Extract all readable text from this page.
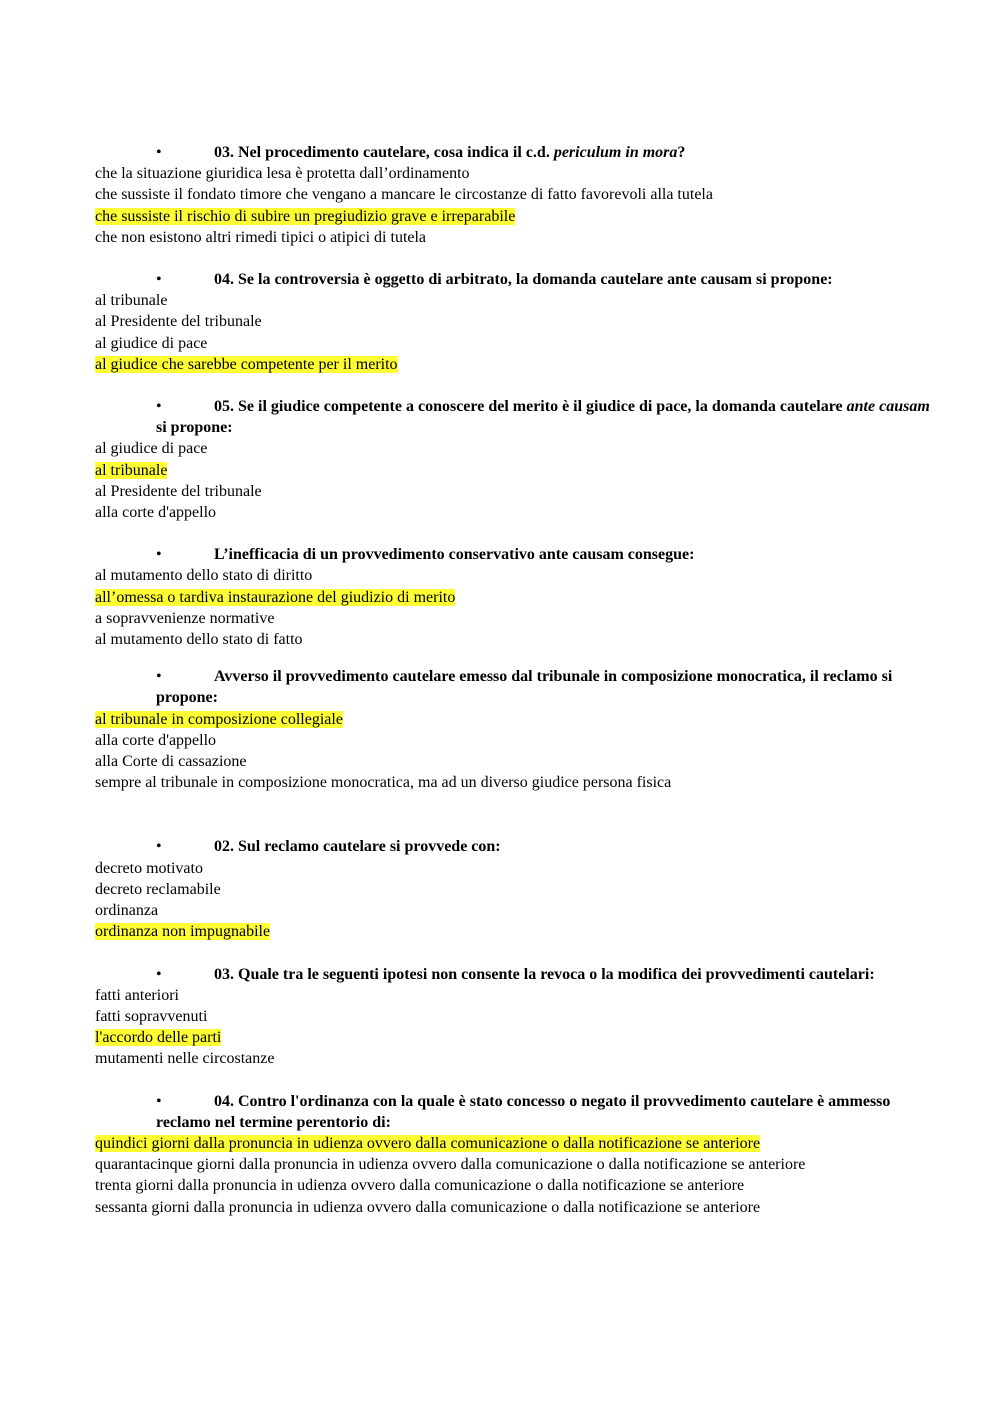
•	03. Nel procedimento cautelare, cosa indica il c.d. periculum in mora?
che la situazione giuridica lesa è protetta dall’ordinamento
che sussiste il fondato timore che vengano a mancare le circostanze di fatto favorevoli alla tutela
che sussiste il rischio di subire un pregiudizio grave e irreparabile
che non esistono altri rimedi tipici o atipici di tutela
•	04. Se la controversia è oggetto di arbitrato, la domanda cautelare ante causam si propone:
al tribunale
al Presidente del tribunale
al giudice di pace
al giudice che sarebbe competente per il merito
•	05. Se il giudice competente a conoscere del merito è il giudice di pace, la domanda cautelare ante causam si propone:
al giudice di pace
al tribunale
al Presidente del tribunale
alla corte d'appello
•	L’inefficacia di un provvedimento conservativo ante causam consegue:
al mutamento dello stato di diritto
all’omessa o tardiva instaurazione del giudizio di merito
a sopravvenienze normative
al mutamento dello stato di fatto
•	Avverso il provvedimento cautelare emesso dal tribunale in composizione monocratica, il reclamo si propone:
al tribunale in composizione collegiale
alla corte d'appello
alla Corte di cassazione
sempre al tribunale in composizione monocratica, ma ad un diverso giudice persona fisica
•	02. Sul reclamo cautelare si provvede con:
decreto motivato
decreto reclamabile
ordinanza
ordinanza non impugnabile
•	03. Quale tra le seguenti ipotesi non consente la revoca o la modifica dei provvedimenti cautelari:
fatti anteriori
fatti sopravvenuti
l'accordo delle parti
mutamenti nelle circostanze
•	04. Contro l'ordinanza con la quale è stato concesso o negato il provvedimento cautelare è ammesso reclamo nel termine perentorio di:
quindici giorni dalla pronuncia in udienza ovvero dalla comunicazione o dalla notificazione se anteriore
quarantacinque giorni dalla pronuncia in udienza ovvero dalla comunicazione o dalla notificazione se anteriore
trenta giorni dalla pronuncia in udienza ovvero dalla comunicazione o dalla notificazione se anteriore
sessanta giorni dalla pronuncia in udienza ovvero dalla comunicazione o dalla notificazione se anteriore
